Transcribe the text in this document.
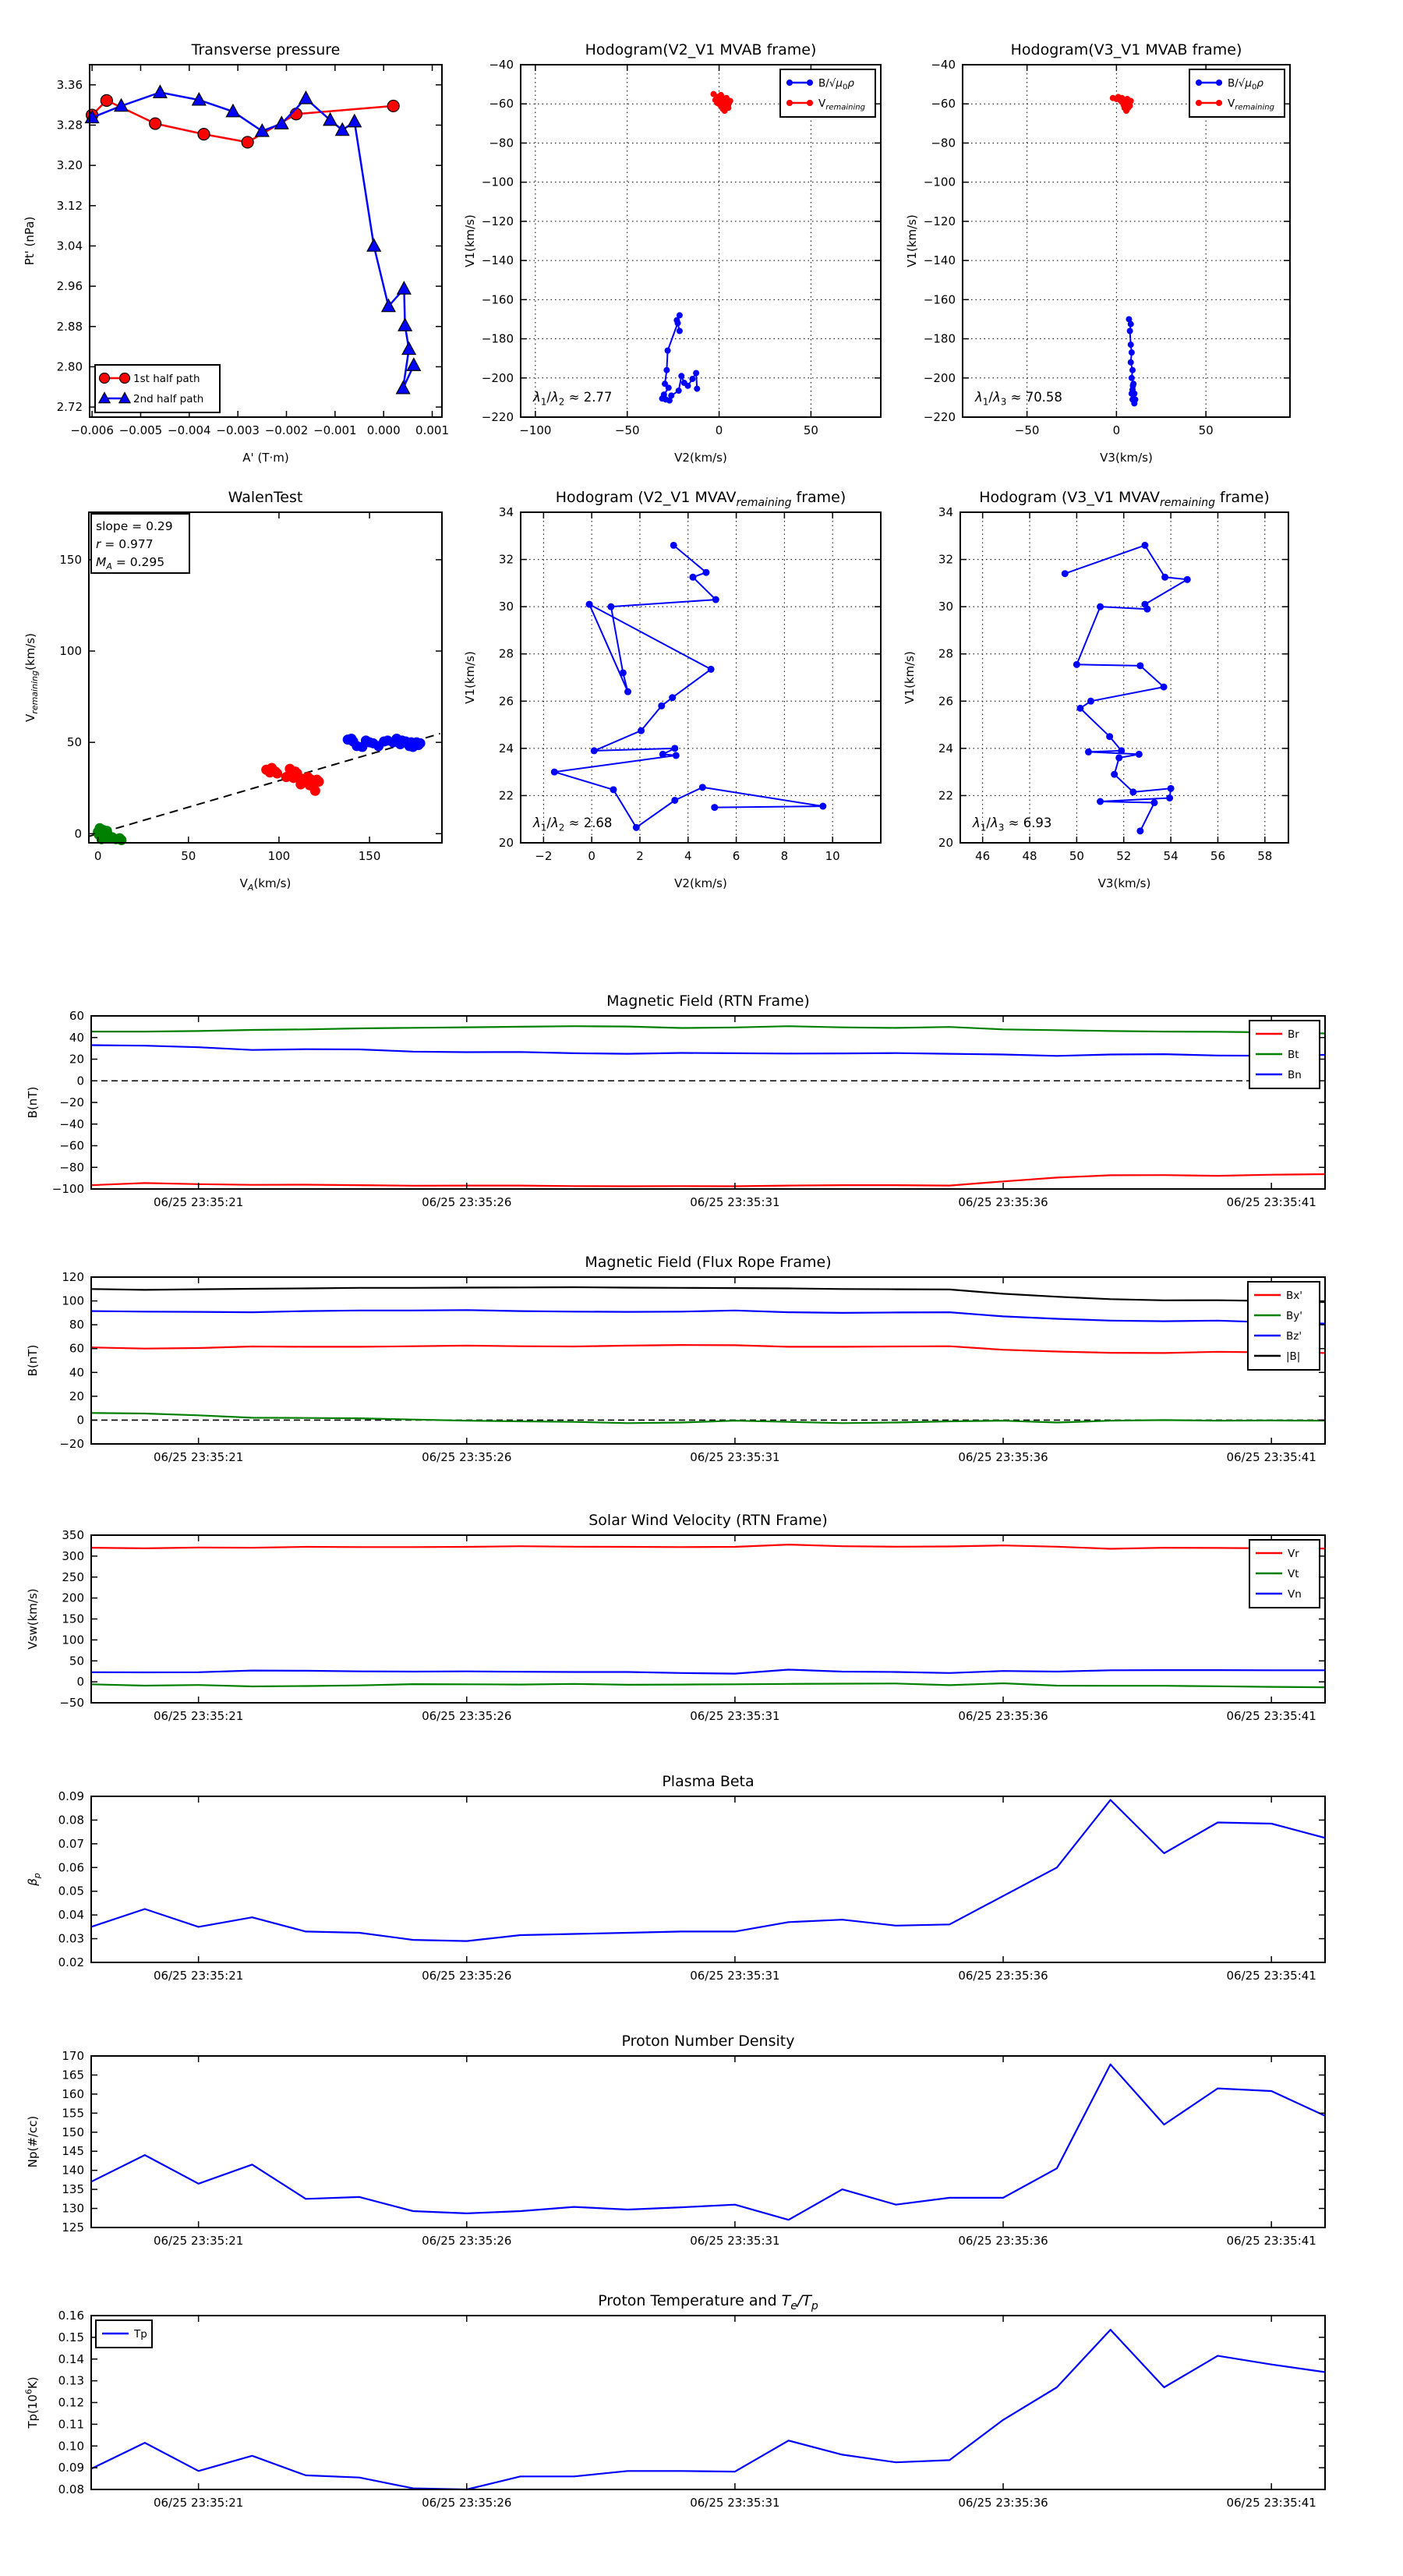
−0.006 −0.005 −0.004 −0.003 −0.002 −0.001 0.000 0.001
2.72
2.80
2.88
2.96
3.04
3.12
3.20
3.28
3.36
Transverse pressure
A' (T·m)
Pt' (nPa)
1st half path
2nd half path
−100	−50	0	50
−220
−200
−180
−160
−140
−120
−100
−80
−60
−40
Hodogram(V2_V1 MVAB frame)
V2(km/s)
V1(km/s)
$\lambda_1/\lambda_2 \approx 2.77$
$B/√\mu_0\rho$
$V_{remaining}$
−50	0	50
−220
−200
−180
−160
−140
−120
−100
−80
−60
−40
Hodogram(V3_V1 MVAB frame)
V3(km/s)
V1(km/s)
$\lambda_1/\lambda_3 \approx 70.58$
$B/√\mu_0\rho$
$V_{remaining}$
0	50	100	150
0
50
100
150
WalenTest
$V_A(km/s)$
$V_{remaining}(km/s)$
slope = 0.29
r = 0.977
$M_A = 0.295$
−2	0	2	4	6	8	10
20
22
24
26
28
30
32
34
Hodogram (V2_V1 $MVAV_{remaining}$ frame)
V2(km/s)
V1(km/s)
$\lambda_1/\lambda_2 \approx 2.68$
46	48	50	52	54	56	58
20
22
24
26
28
30
32
34
Hodogram (V3_V1 $MVAV_{remaining}$ frame)
V3(km/s)
V1(km/s)
$\lambda_1/\lambda_3 \approx 6.93$
06/25 23:35:21	06/25 23:35:26	06/25 23:35:31	06/25 23:35:36	06/25 23:35:41
−100
−80
−60
−40
−20
0
20
40
60
Magnetic Field (RTN Frame)
B(nT)
Br
Bt
Bn
06/25 23:35:21	06/25 23:35:26	06/25 23:35:31	06/25 23:35:36	06/25 23:35:41
−20
0
20
40
60
80
100
120
Magnetic Field (Flux Rope Frame)
B(nT)
Bx'
By'
Bz'
|B|
06/25 23:35:21	06/25 23:35:26	06/25 23:35:31	06/25 23:35:36	06/25 23:35:41
−50
0
50
100
150
200
250
300
350
Solar Wind Velocity (RTN Frame)
Vsw(km/s)
Vr
Vt
Vn
06/25 23:35:21	06/25 23:35:26	06/25 23:35:31	06/25 23:35:36	06/25 23:35:41
0.02
0.03
0.04
0.05
0.06
0.07
0.08
0.09
Plasma Beta
$\beta_p$
06/25 23:35:21	06/25 23:35:26	06/25 23:35:31	06/25 23:35:36	06/25 23:35:41
125
130
135
140
145
150
155
160
165
170
Proton Number Density
Np(#/cc)
06/25 23:35:21	06/25 23:35:26	06/25 23:35:31	06/25 23:35:36	06/25 23:35:41
0.08
0.09
0.10
0.11
0.12
0.13
0.14
0.15
0.16
Proton Temperature and $T_e/T_p$
$Tp(10^6K)$
Tp
